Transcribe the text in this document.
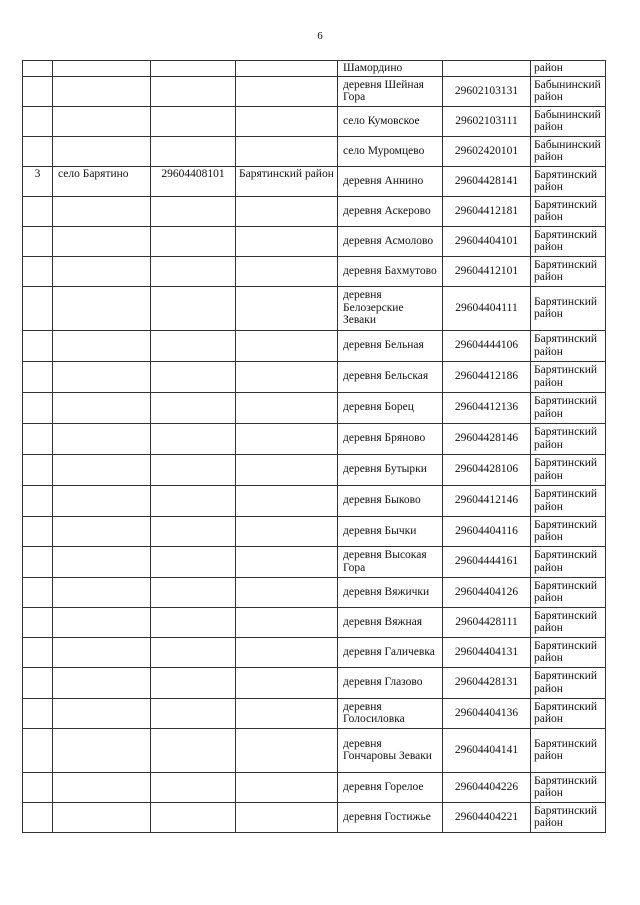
6
				Шамордино		район
				деревня Шейная Гора	29602103131	Бабынинский район
				село Кумовское	29602103111	Бабынинский район
				село Муромцево	29602420101	Бабынинский район
3	село Барятино	29604408101	Барятинский район	деревня Аннино	29604428141	Барятинский район
				деревня Аскерово	29604412181	Барятинский район
				деревня Асмолово	29604404101	Барятинский район
				деревня Бахмутово	29604412101	Барятинский район
				деревня Белозерские Зеваки	29604404111	Барятинский район
				деревня Бельная	29604444106	Барятинский район
				деревня Бельская	29604412186	Барятинский район
				деревня Борец	29604412136	Барятинский район
				деревня Бряново	29604428146	Барятинский район
				деревня Бутырки	29604428106	Барятинский район
				деревня Быково	29604412146	Барятинский район
				деревня Бычки	29604404116	Барятинский район
				деревня Высокая Гора	29604444161	Барятинский район
				деревня Вяжички	29604404126	Барятинский район
				деревня Вяжная	29604428111	Барятинский район
				деревня Галичевка	29604404131	Барятинский район
				деревня Глазово	29604428131	Барятинский район
				деревня Голосиловка	29604404136	Барятинский район
				деревня Гончаровы Зеваки	29604404141	Барятинский район
				деревня Горелое	29604404226	Барятинский район
				деревня Гостижье	29604404221	Барятинский район
